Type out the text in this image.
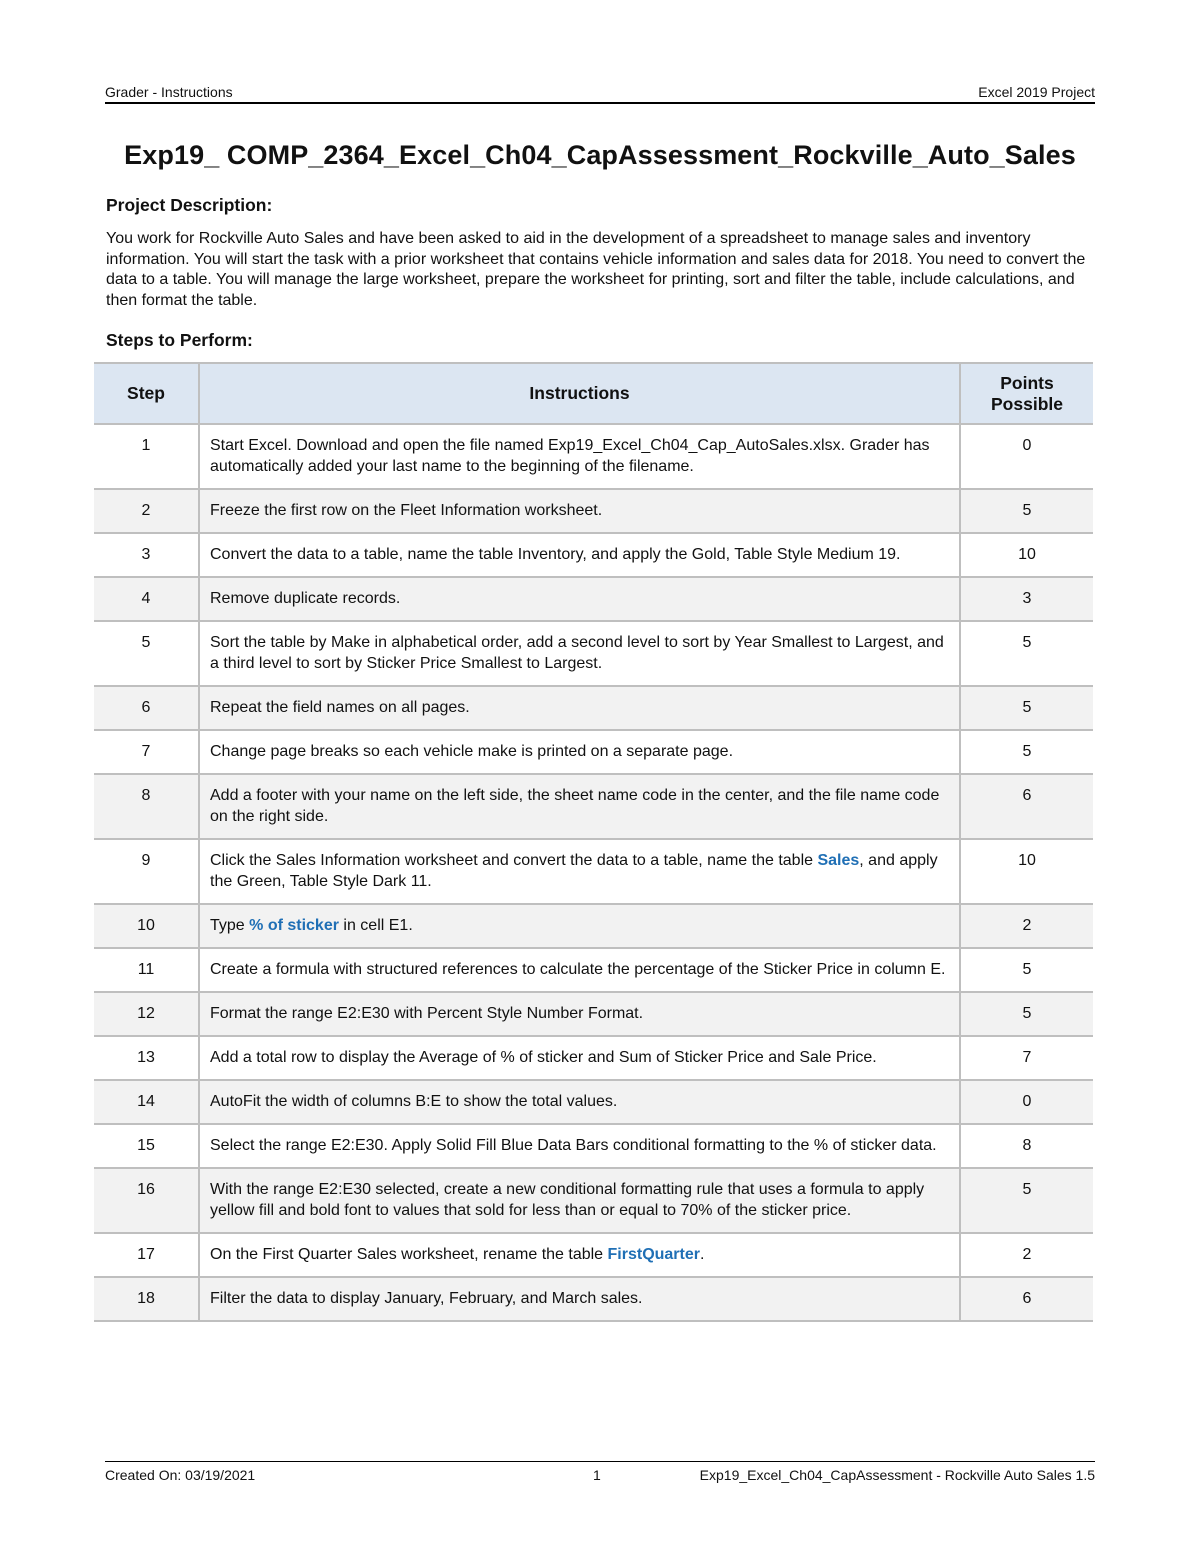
Grader - Instructions	Excel 2019 Project
Exp19_ COMP_2364_Excel_Ch04_CapAssessment_Rockville_Auto_Sales
Project Description:

You work for Rockville Auto Sales and have been asked to aid in the development of a spreadsheet to manage sales and inventory information. You will start the task with a prior worksheet that contains vehicle information and sales data for 2018. You need to convert the data to a table. You will manage the large worksheet, prepare the worksheet for printing, sort and filter the table, include calculations, and then format the table.

Steps to Perform:
Step	Instructions	Points Possible
1	Start Excel. Download and open the file named Exp19_Excel_Ch04_Cap_AutoSales.xlsx. Grader has automatically added your last name to the beginning of the filename.	0
2	Freeze the first row on the Fleet Information worksheet.	5
3	Convert the data to a table, name the table Inventory, and apply the Gold, Table Style Medium 19.	10
4	Remove duplicate records.	3
5	Sort the table by Make in alphabetical order, add a second level to sort by Year Smallest to Largest, and a third level to sort by Sticker Price Smallest to Largest.	5
6	Repeat the field names on all pages.	5
7	Change page breaks so each vehicle make is printed on a separate page.	5
8	Add a footer with your name on the left side, the sheet name code in the center, and the file name code on the right side.	6
9	Click the Sales Information worksheet and convert the data to a table, name the table Sales, and apply the Green, Table Style Dark 11.	10
10	Type % of sticker in cell E1.	2
11	Create a formula with structured references to calculate the percentage of the Sticker Price in column E.	5
12	Format the range E2:E30 with Percent Style Number Format.	5
13	Add a total row to display the Average of % of sticker and Sum of Sticker Price and Sale Price.	7
14	AutoFit the width of columns B:E to show the total values.	0
15	Select the range E2:E30. Apply Solid Fill Blue Data Bars conditional formatting to the % of sticker data.	8
16	With the range E2:E30 selected, create a new conditional formatting rule that uses a formula to apply yellow fill and bold font to values that sold for less than or equal to 70% of the sticker price.	5
17	On the First Quarter Sales worksheet, rename the table FirstQuarter.	2
18	Filter the data to display January, February, and March sales.	6
Created On: 03/19/2021	1	Exp19_Excel_Ch04_CapAssessment - Rockville Auto Sales 1.5
